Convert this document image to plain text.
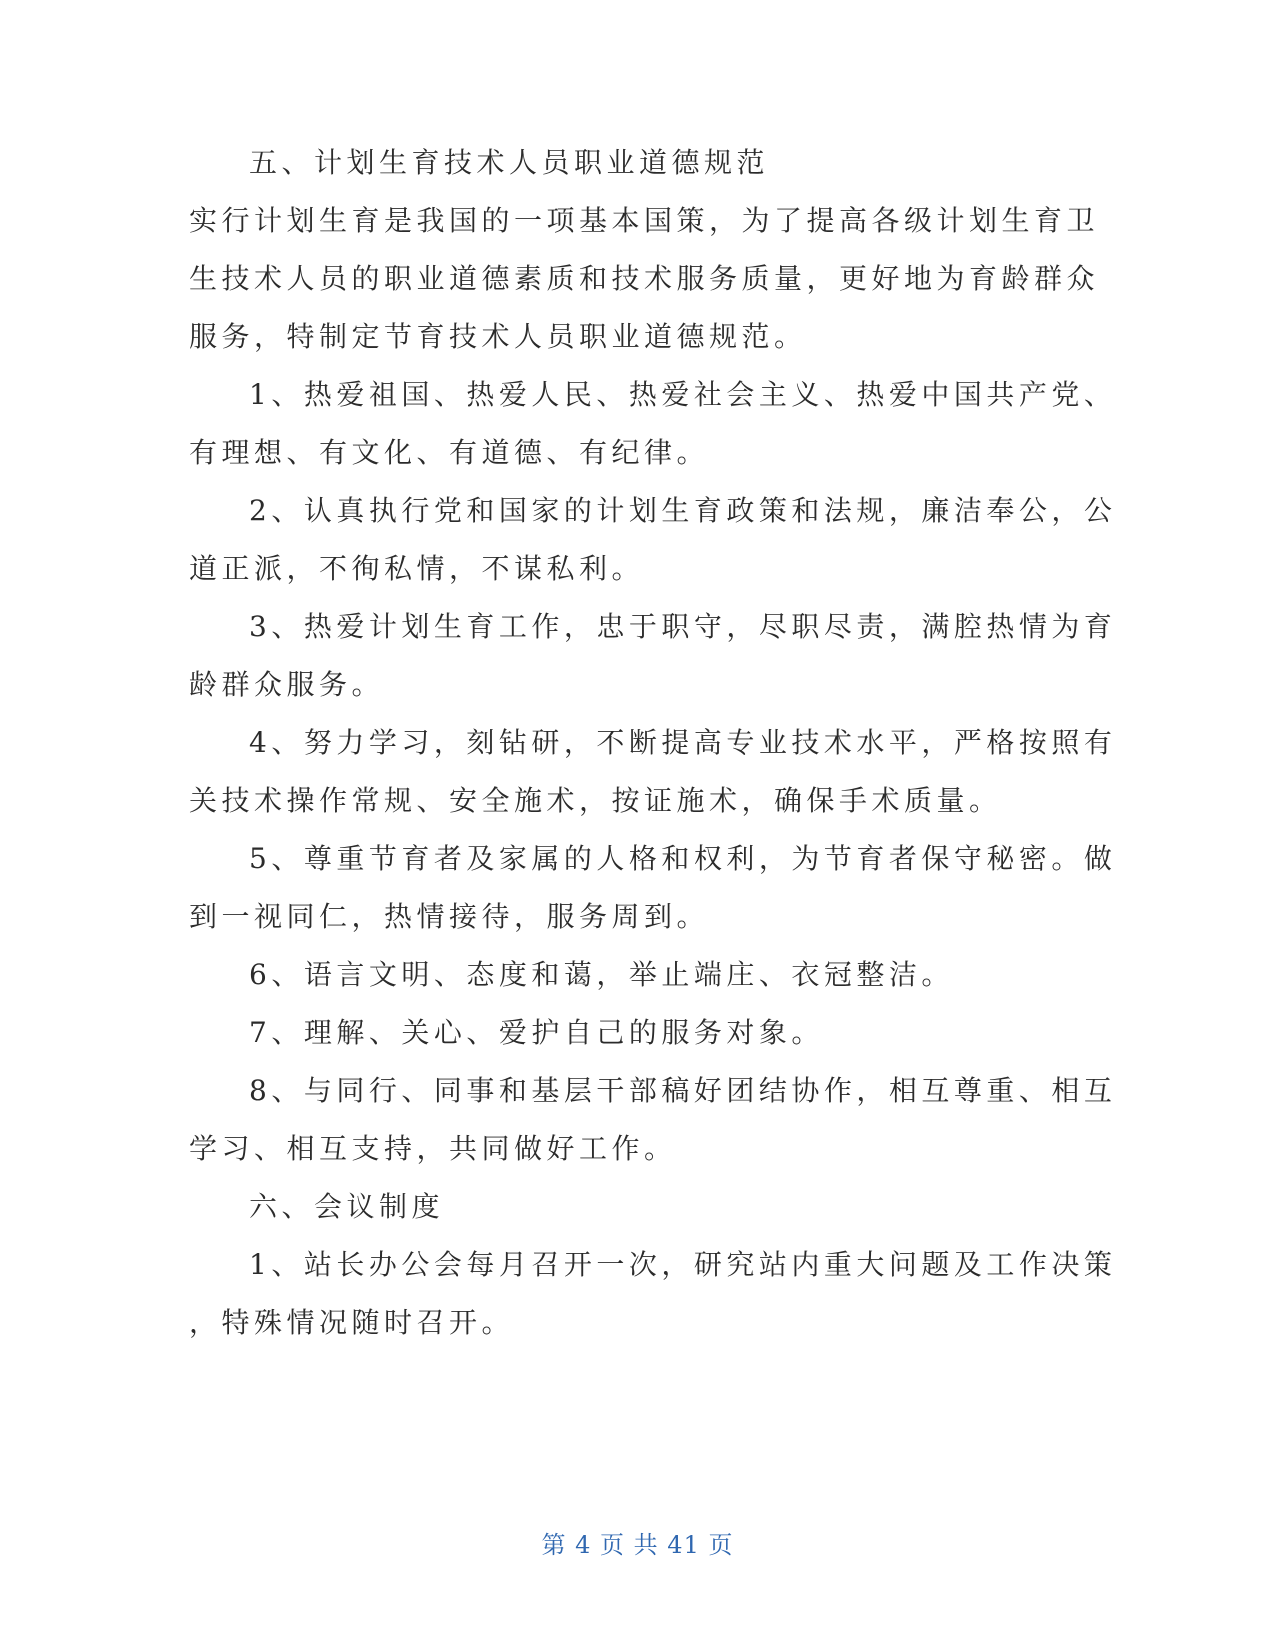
五、计划生育技术人员职业道德规范
实行计划生育是我国的一项基本国策，为了提高各级计划生育卫
生技术人员的职业道德素质和技术服务质量，更好地为育龄群众
服务，特制定节育技术人员职业道德规范。
1、热爱祖国、热爱人民、热爱社会主义、热爱中国共产党、
有理想、有文化、有道德、有纪律。
2、认真执行党和国家的计划生育政策和法规，廉洁奉公，公
道正派，不徇私情，不谋私利。
3、热爱计划生育工作，忠于职守，尽职尽责，满腔热情为育
龄群众服务。
4、努力学习，刻钻研，不断提高专业技术水平，严格按照有
关技术操作常规、安全施术，按证施术，确保手术质量。
5、尊重节育者及家属的人格和权利，为节育者保守秘密。做
到一视同仁，热情接待，服务周到。
6、语言文明、态度和蔼，举止端庄、衣冠整洁。
7、理解、关心、爱护自己的服务对象。
8、与同行、同事和基层干部稿好团结协作，相互尊重、相互
学习、相互支持，共同做好工作。
六、会议制度
1、站长办公会每月召开一次，研究站内重大问题及工作决策
，特殊情况随时召开。
第 4 页 共 41 页
